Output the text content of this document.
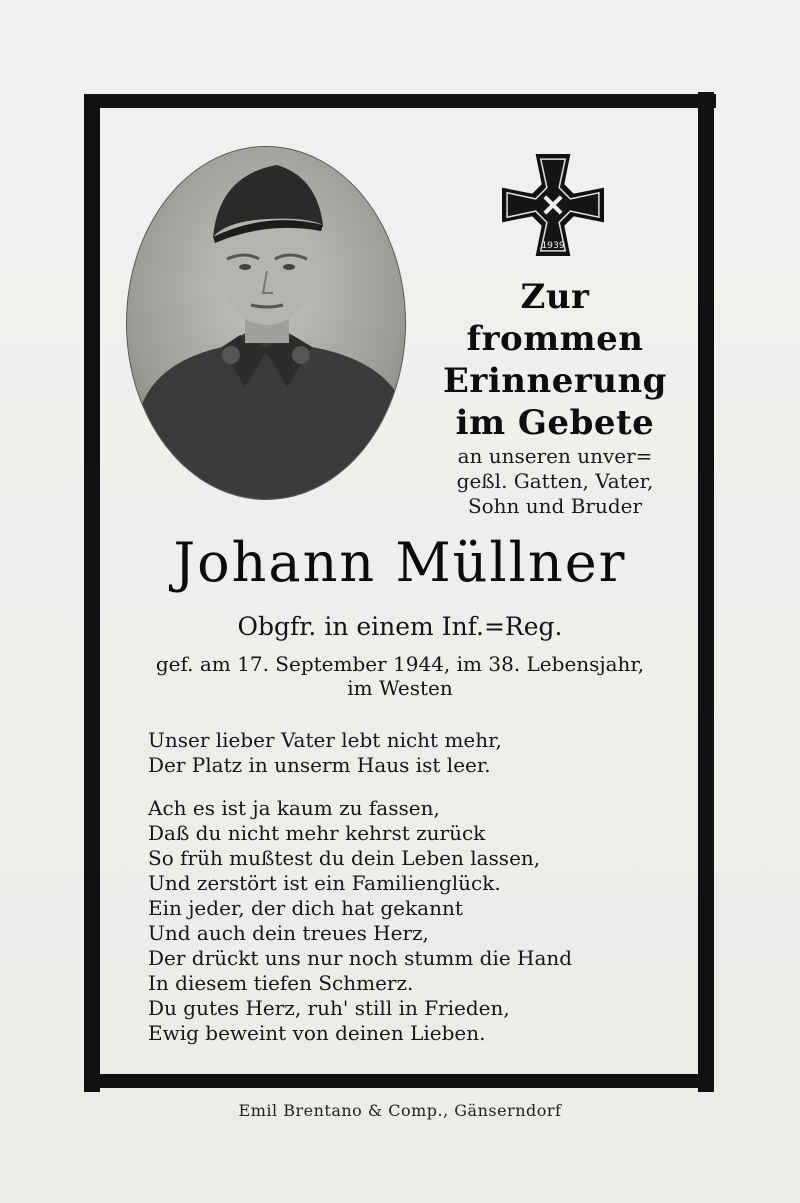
1939
Zur
frommen
Erinnerung
im Gebete
an unseren unver=
geßl. Gatten, Vater,
Sohn und Bruder
Johann Müllner
Obgfr. in einem Inf.=Reg.
gef. am 17. September 1944, im 38. Lebensjahr,
im Westen
Unser lieber Vater lebt nicht mehr,
Der Platz in unserm Haus ist leer.
Ach es ist ja kaum zu fassen,
Daß du nicht mehr kehrst zurück
So früh mußtest du dein Leben lassen,
Und zerstört ist ein Familienglück.
Ein jeder, der dich hat gekannt
Und auch dein treues Herz,
Der drückt uns nur noch stumm die Hand
In diesem tiefen Schmerz.
Du gutes Herz, ruh' still in Frieden,
Ewig beweint von deinen Lieben.
Emil Brentano & Comp., Gänserndorf
